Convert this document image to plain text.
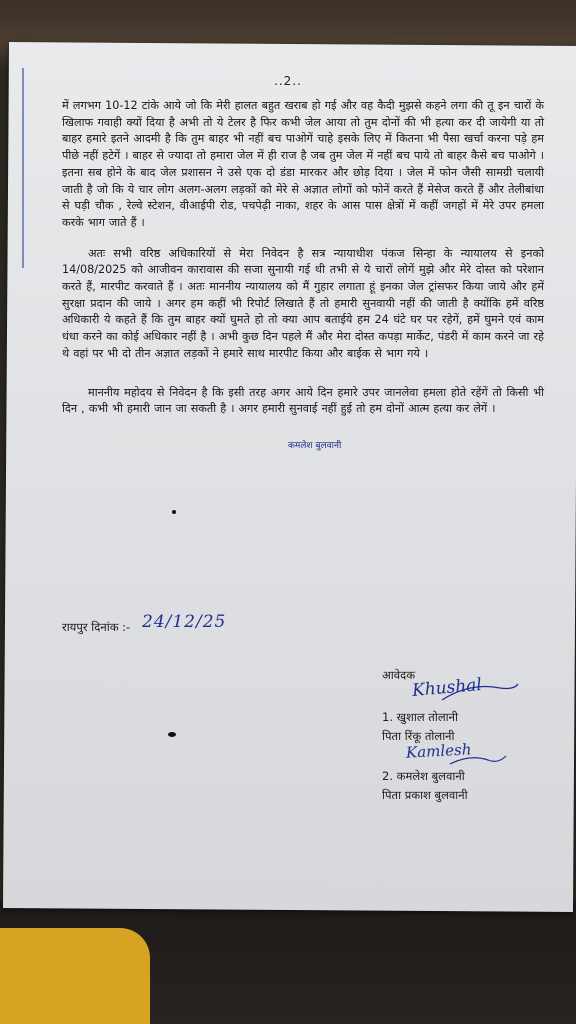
..2..

में लगभग 10-12 टांके आये जो कि मेरी हालत बहुत खराब हो गई और वह कैदी मुझसे कहने लगा की तू इन चारों के खिलाफ गवाही क्यों दिया है अभी तो ये टेलर है फिर कभी जेल आया तो तुम दोनों की भी हत्या कर दी जायेगी या तो बाहर हमारे इतने आदमी है कि तुम बाहर भी नहीं बच पाओगें चाहे इसके लिए में कितना भी पैसा खर्चा करना पड़े हम पीछे नहीं हटेगें । बाहर से ज्यादा तो हमारा जेल में ही राज है जब तुम जेल में नहीं बच पाये तो बाहर कैसे बच पाओगे । इतना सब होने के बाद जेल प्रशासन ने उसे एक दो डंडा मारकर और छोड़ दिया । जेल में फोन जैसी सामग्री चलायी जाती है जो कि ये चार लोग अलग-अलग लड़कों को मेरे से अज्ञात लोगों को फोनें करते हैं मेसेज करते हैं और तेलीबांधा से घड़ी चौक , रेल्वे स्टेशन, वीआईपी रोड, पचपेढ़ी नाका, शहर के आस पास क्षेत्रों में कहीं जगहों में मेरे उपर हमला करके भाग जाते हैं ।

अतः सभी वरिष्ठ अधिकारियों से मेरा निवेदन है सत्र न्यायाधीश पंकज सिन्हा के न्यायालय से इनको 14/08/2025 को आजीवन कारावास की सजा सुनायी गई थी तभी से ये चारों लोगें मुझे और मेरे दोस्त को परेशान करते हैं, मारपीट करवाते हैं । अतः माननीय न्यायालय को मैं गुहार लगाता हूं इनका जेल ट्रांसफर किया जाये और हमें सुरक्षा प्रदान की जाये । अगर हम कहीं भी रिपोर्ट लिखाते हैं तो हमारी सुनवायी नहीं की जाती है क्योंकि हमें वरिष्ठ अधिकारी ये कहते हैं कि तुम बाहर क्यों घुमते हो तो क्या आप बताईये हम 24 घंटे घर पर रहेगें, हमें घुमने एवं काम धंधा करने का कोई अधिकार नहीं है । अभी कुछ दिन पहले मैं और मेरा दोस्त कपड़ा मार्केट, पंडरी में काम करने जा रहे थे वहां पर भी दो तीन अज्ञात लड़कों ने हमारे साथ मारपीट किया और बाईक से भाग गये ।

माननीय महोदय से निवेदन है कि इसी तरह अगर आये दिन हमारे उपर जानलेवा हमला होते रहेंगें तो किसी भी दिन , कभी भी हमारी जान जा सकती है । अगर हमारी सुनवाई नहीं हुई तो हम दोनों आत्म हत्या कर लेगें ।

कमलेश बुलवानी
रायपुर दिनांक :- 24/12/25
आवेदक
Khushal
1. खुशाल तोलानी
पिता रिंकू तोलानी
Kamlesh
2. कमलेश बुलवानी
पिता प्रकाश बुलवानी
